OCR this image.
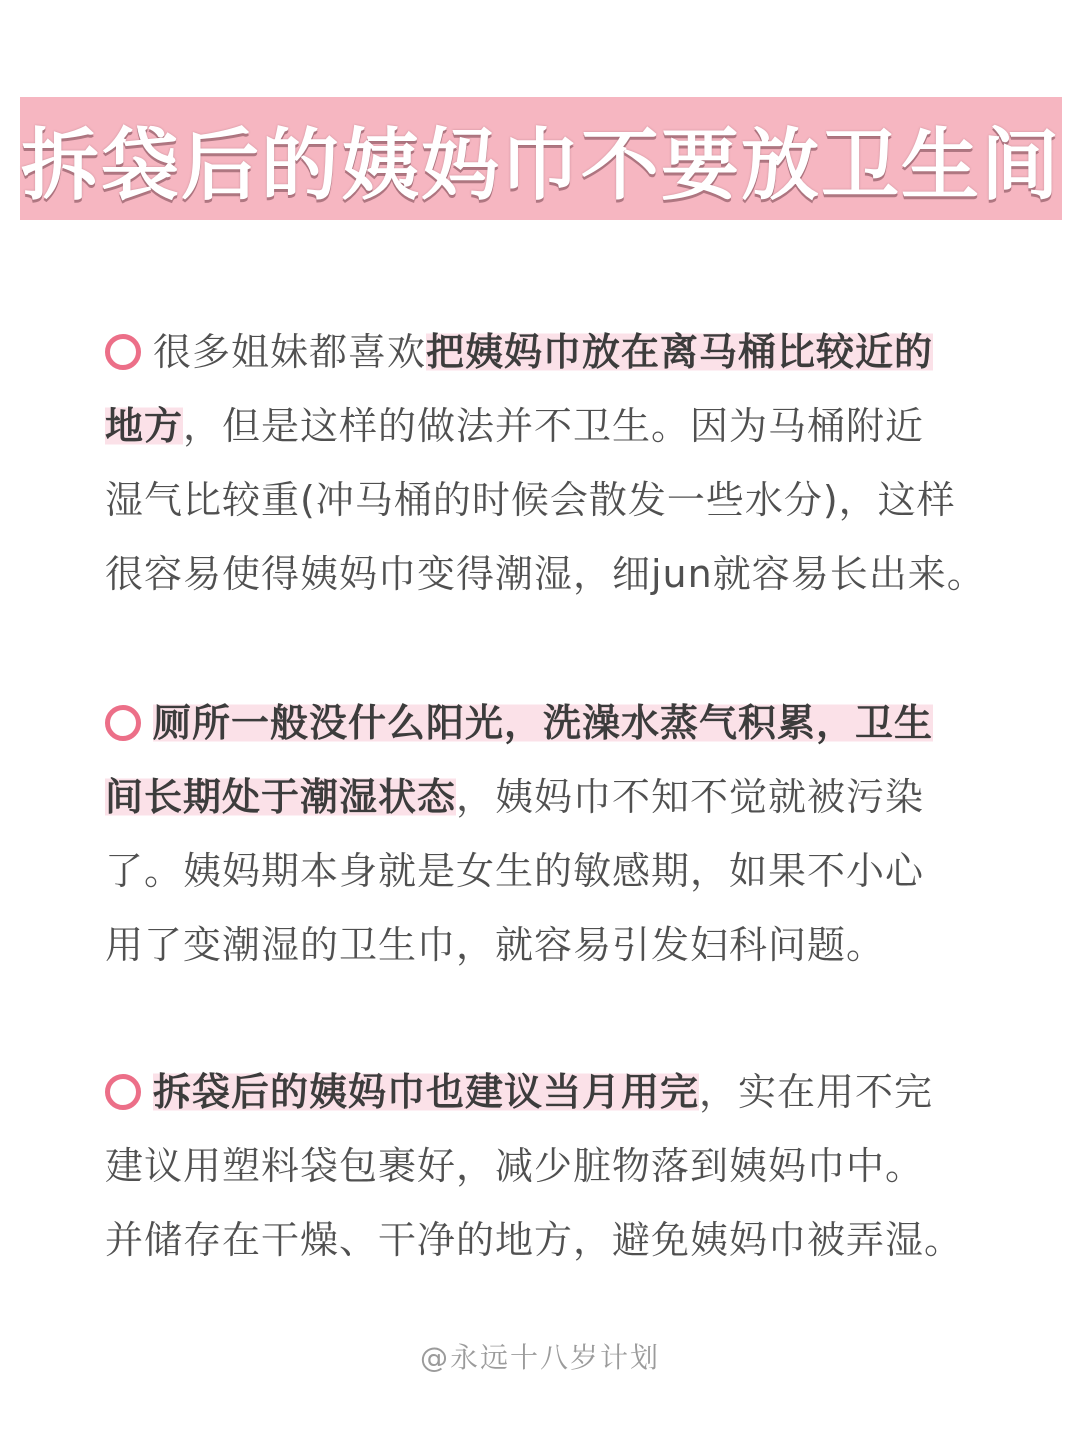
拆袋后的姨妈巾不要放卫生间
很多姐妹都喜欢把姨妈巾放在离马桶比较近的
地方，但是这样的做法并不卫生。因为马桶附近
湿气比较重(冲马桶的时候会散发一些水分)，这样
很容易使得姨妈巾变得潮湿，细jun就容易长出来。
厕所一般没什么阳光，洗澡水蒸气积累，卫生
间长期处于潮湿状态，姨妈巾不知不觉就被污染
了。姨妈期本身就是女生的敏感期，如果不小心
用了变潮湿的卫生巾，就容易引发妇科问题。
拆袋后的姨妈巾也建议当月用完，实在用不完
建议用塑料袋包裹好，减少脏物落到姨妈巾中。
并储存在干燥、干净的地方，避免姨妈巾被弄湿。
@永远十八岁计划
